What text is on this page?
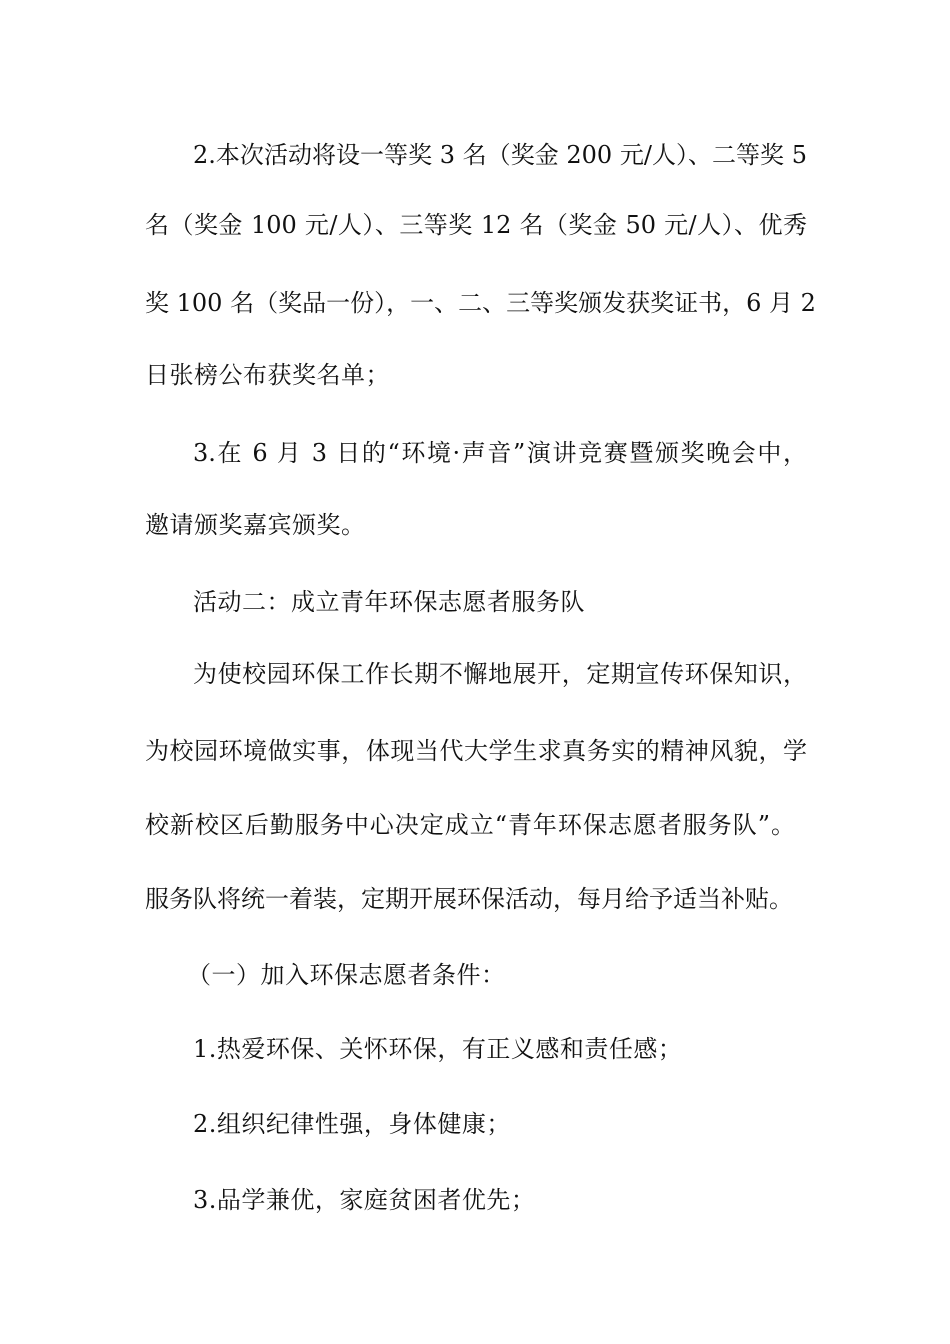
2.本次活动将设一等奖 3 名（奖金 200 元/人）、二等奖 5

名（奖金 100 元/人）、三等奖 12 名（奖金 50 元/人）、优秀

奖 100 名（奖品一份），一、二、三等奖颁发获奖证书，6 月 2

日张榜公布获奖名单；

3.在 6 月 3 日的“环境·声音”演讲竞赛暨颁奖晚会中，

邀请颁奖嘉宾颁奖。

活动二：成立青年环保志愿者服务队

为使校园环保工作长期不懈地展开，定期宣传环保知识，

为校园环境做实事，体现当代大学生求真务实的精神风貌，学

校新校区后勤服务中心决定成立“青年环保志愿者服务队”。

服务队将统一着装，定期开展环保活动，每月给予适当补贴。

（一）加入环保志愿者条件：

1.热爱环保、关怀环保，有正义感和责任感；

2.组织纪律性强，身体健康；

3.品学兼优，家庭贫困者优先；
